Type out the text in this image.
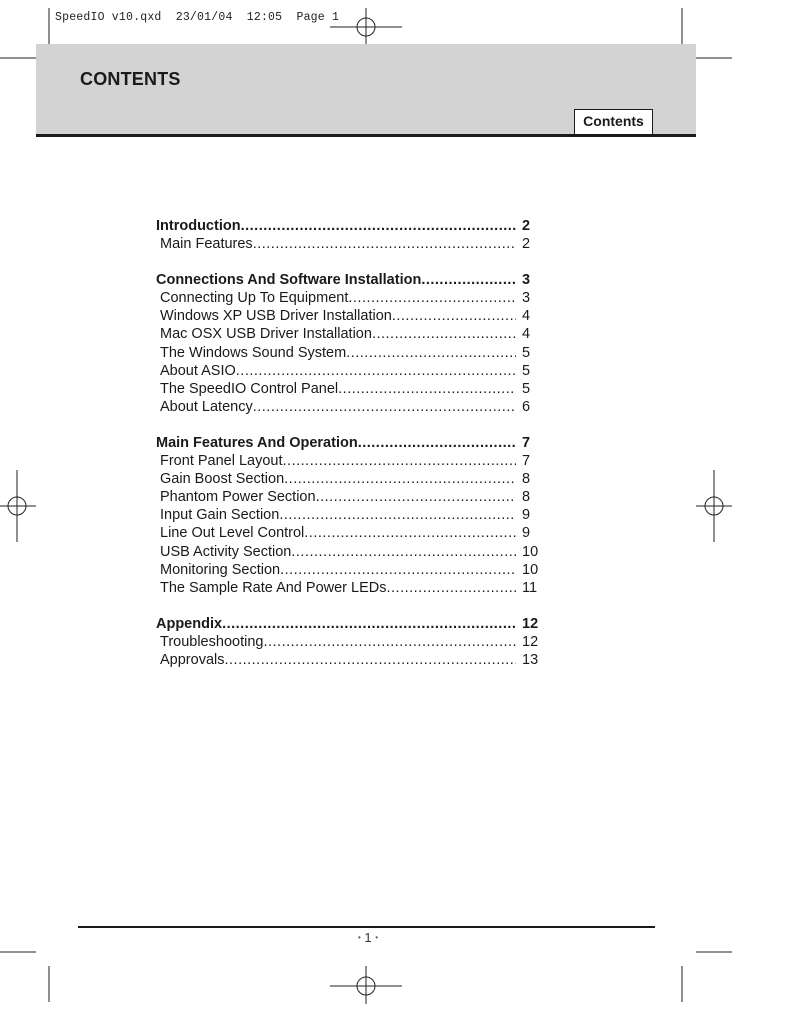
SpeedIO v10.qxd 23/01/04 12:05 Page 1
CONTENTS
Contents
Introduction .....	2
Main Features .....	2
Connections And Software Installation .....	3
Connecting Up To Equipment .....	3
Windows XP USB Driver Installation .....	4
Mac OSX USB Driver Installation .....	4
The Windows Sound System .....	5
About ASIO .....	5
The SpeedIO Control Panel .....	5
About Latency .....	6
Main Features And Operation .....	7
Front Panel Layout .....	7
Gain Boost Section .....	8
Phantom Power Section .....	8
Input Gain Section .....	9
Line Out Level Control .....	9
USB Activity Section .....	10
Monitoring Section .....	10
The Sample Rate And Power LEDs .....	11
Appendix .....	12
Troubleshooting .....	12
Approvals .....	13
• 1 •
